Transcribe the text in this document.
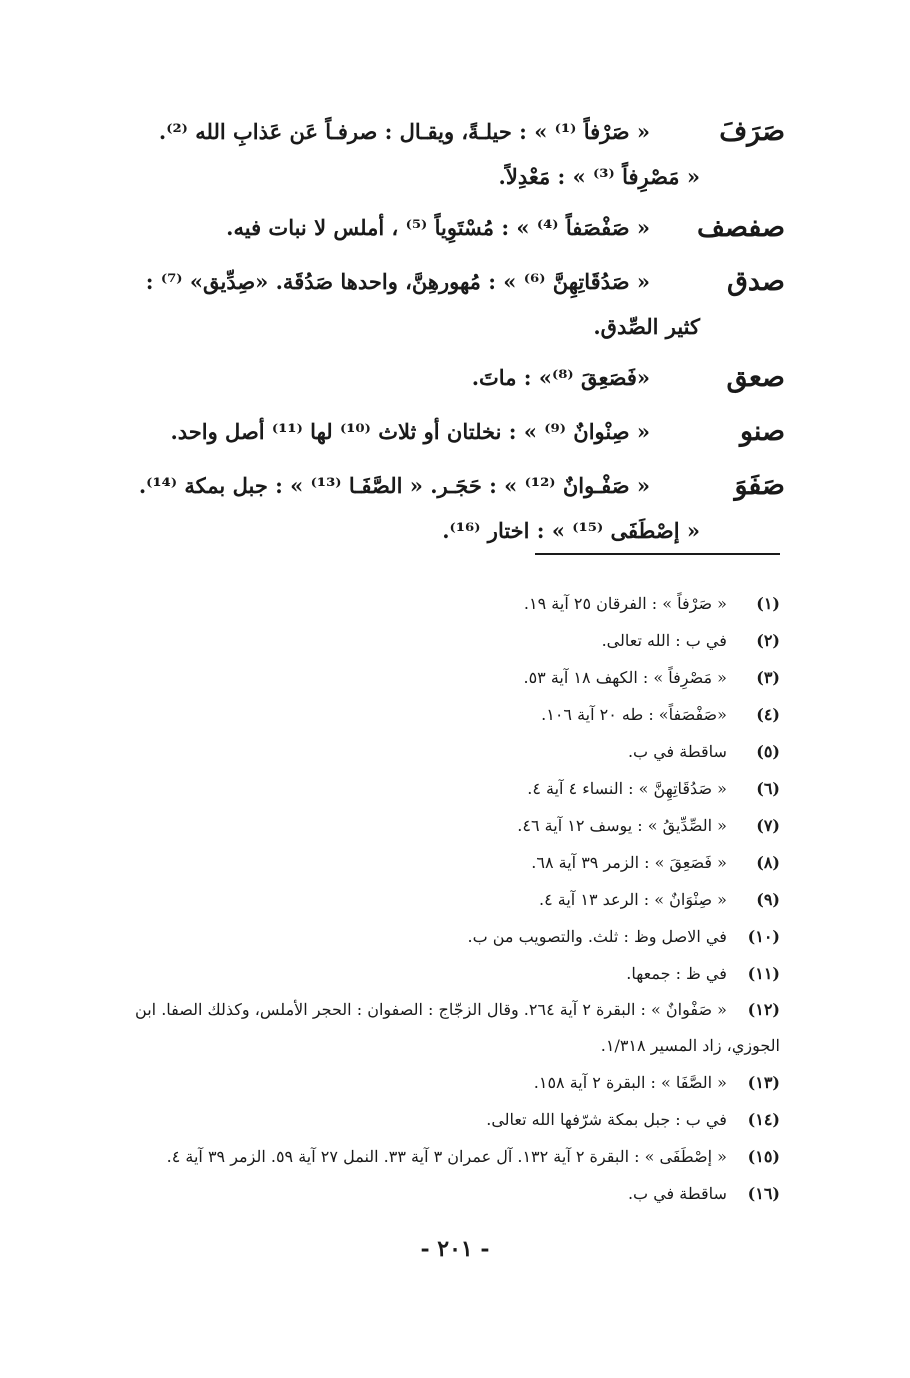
صَرَفَ
« صَرْفاً ⁽¹⁾ » : حيلـةً، ويقـال : صرفـاً عَن عَذابِ الله ⁽²⁾.
« مَصْرِفاً ⁽³⁾ » : مَعْدِلاً.
صفصف
« صَفْصَفاً ⁽⁴⁾ » : مُسْتَوِياً ⁽⁵⁾ ، أملس لا نبات فيه.
صدق
« صَدُقَاتِهِنَّ ⁽⁶⁾ » : مُهورهِنَّ، واحدها صَدُقَة. «صِدِّيق» ⁽⁷⁾ :
كثير الصِّدق.
صعق
«فَصَعِقَ ⁽⁸⁾» : ماتَ.
صنو
« صِنْوانٌ ⁽⁹⁾ » : نخلتان أو ثلاث ⁽¹⁰⁾ لها ⁽¹¹⁾ أصل واحد.
صَفَوَ
« صَفْـوانٌ ⁽¹²⁾ » : حَجَـر. « الصَّفَـا ⁽¹³⁾ » : جبل بمكة ⁽¹⁴⁾.
« إصْطَفَى ⁽¹⁵⁾ » : اختار ⁽¹⁶⁾.
(١) « صَرْفاً » : الفرقان ٢٥ آية ١٩.
(٢) في ب : الله تعالى.
(٣) « مَصْرِفاً » : الكهف ١٨ آية ٥٣.
(٤) «صَفْصَفاً» : طه ٢٠ آية ١٠٦.
(٥) ساقطة في ب.
(٦) « صَدُقَاتِهِنَّ » : النساء ٤ آية ٤.
(٧) « الصِّدِّيقُ » : يوسف ١٢ آية ٤٦.
(٨) « فَصَعِقَ » : الزمر ٣٩ آية ٦٨.
(٩) « صِنْوَانٌ » : الرعد ١٣ آية ٤.
(١٠) في الاصل وظ : ثلث. والتصويب من ب.
(١١) في ظ : جمعها.
(١٢) « صَفْوانٌ » : البقرة ٢ آية ٢٦٤. وقال الزجّاج : الصفوان : الحجر الأملس، وكذلك الصفا. ابن الجوزي، زاد المسير ١/٣١٨.
(١٣) « الصَّفَا » : البقرة ٢ آية ١٥٨.
(١٤) في ب : جبل بمكة شرّفها الله تعالى.
(١٥) « إصْطَفَى » : البقرة ٢ آية ١٣٢. آل عمران ٣ آية ٣٣. النمل ٢٧ آية ٥٩. الزمر ٣٩ آية ٤.
(١٦) ساقطة في ب.
- ٢٠١ -
